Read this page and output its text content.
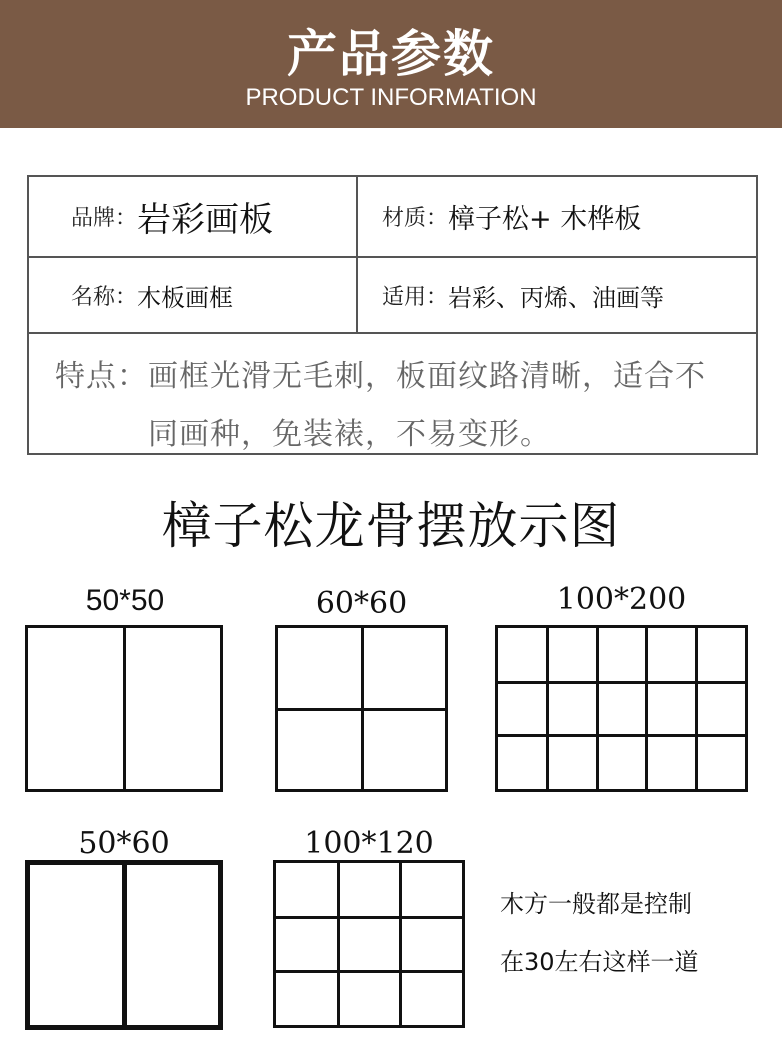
产品参数
PRODUCT INFORMATION
品牌： 岩彩画板	材质： 樟子松+ 木桦板
名称： 木板画框	适用： 岩彩、丙烯、油画等
特点： 画框光滑无毛刺，板面纹路清晰，适合不同画种，免装裱，不易变形。
樟子松龙骨摆放示图
50*50	60*60	100*200
50*60	100*120
木方一般都是控制
在30左右这样一道
